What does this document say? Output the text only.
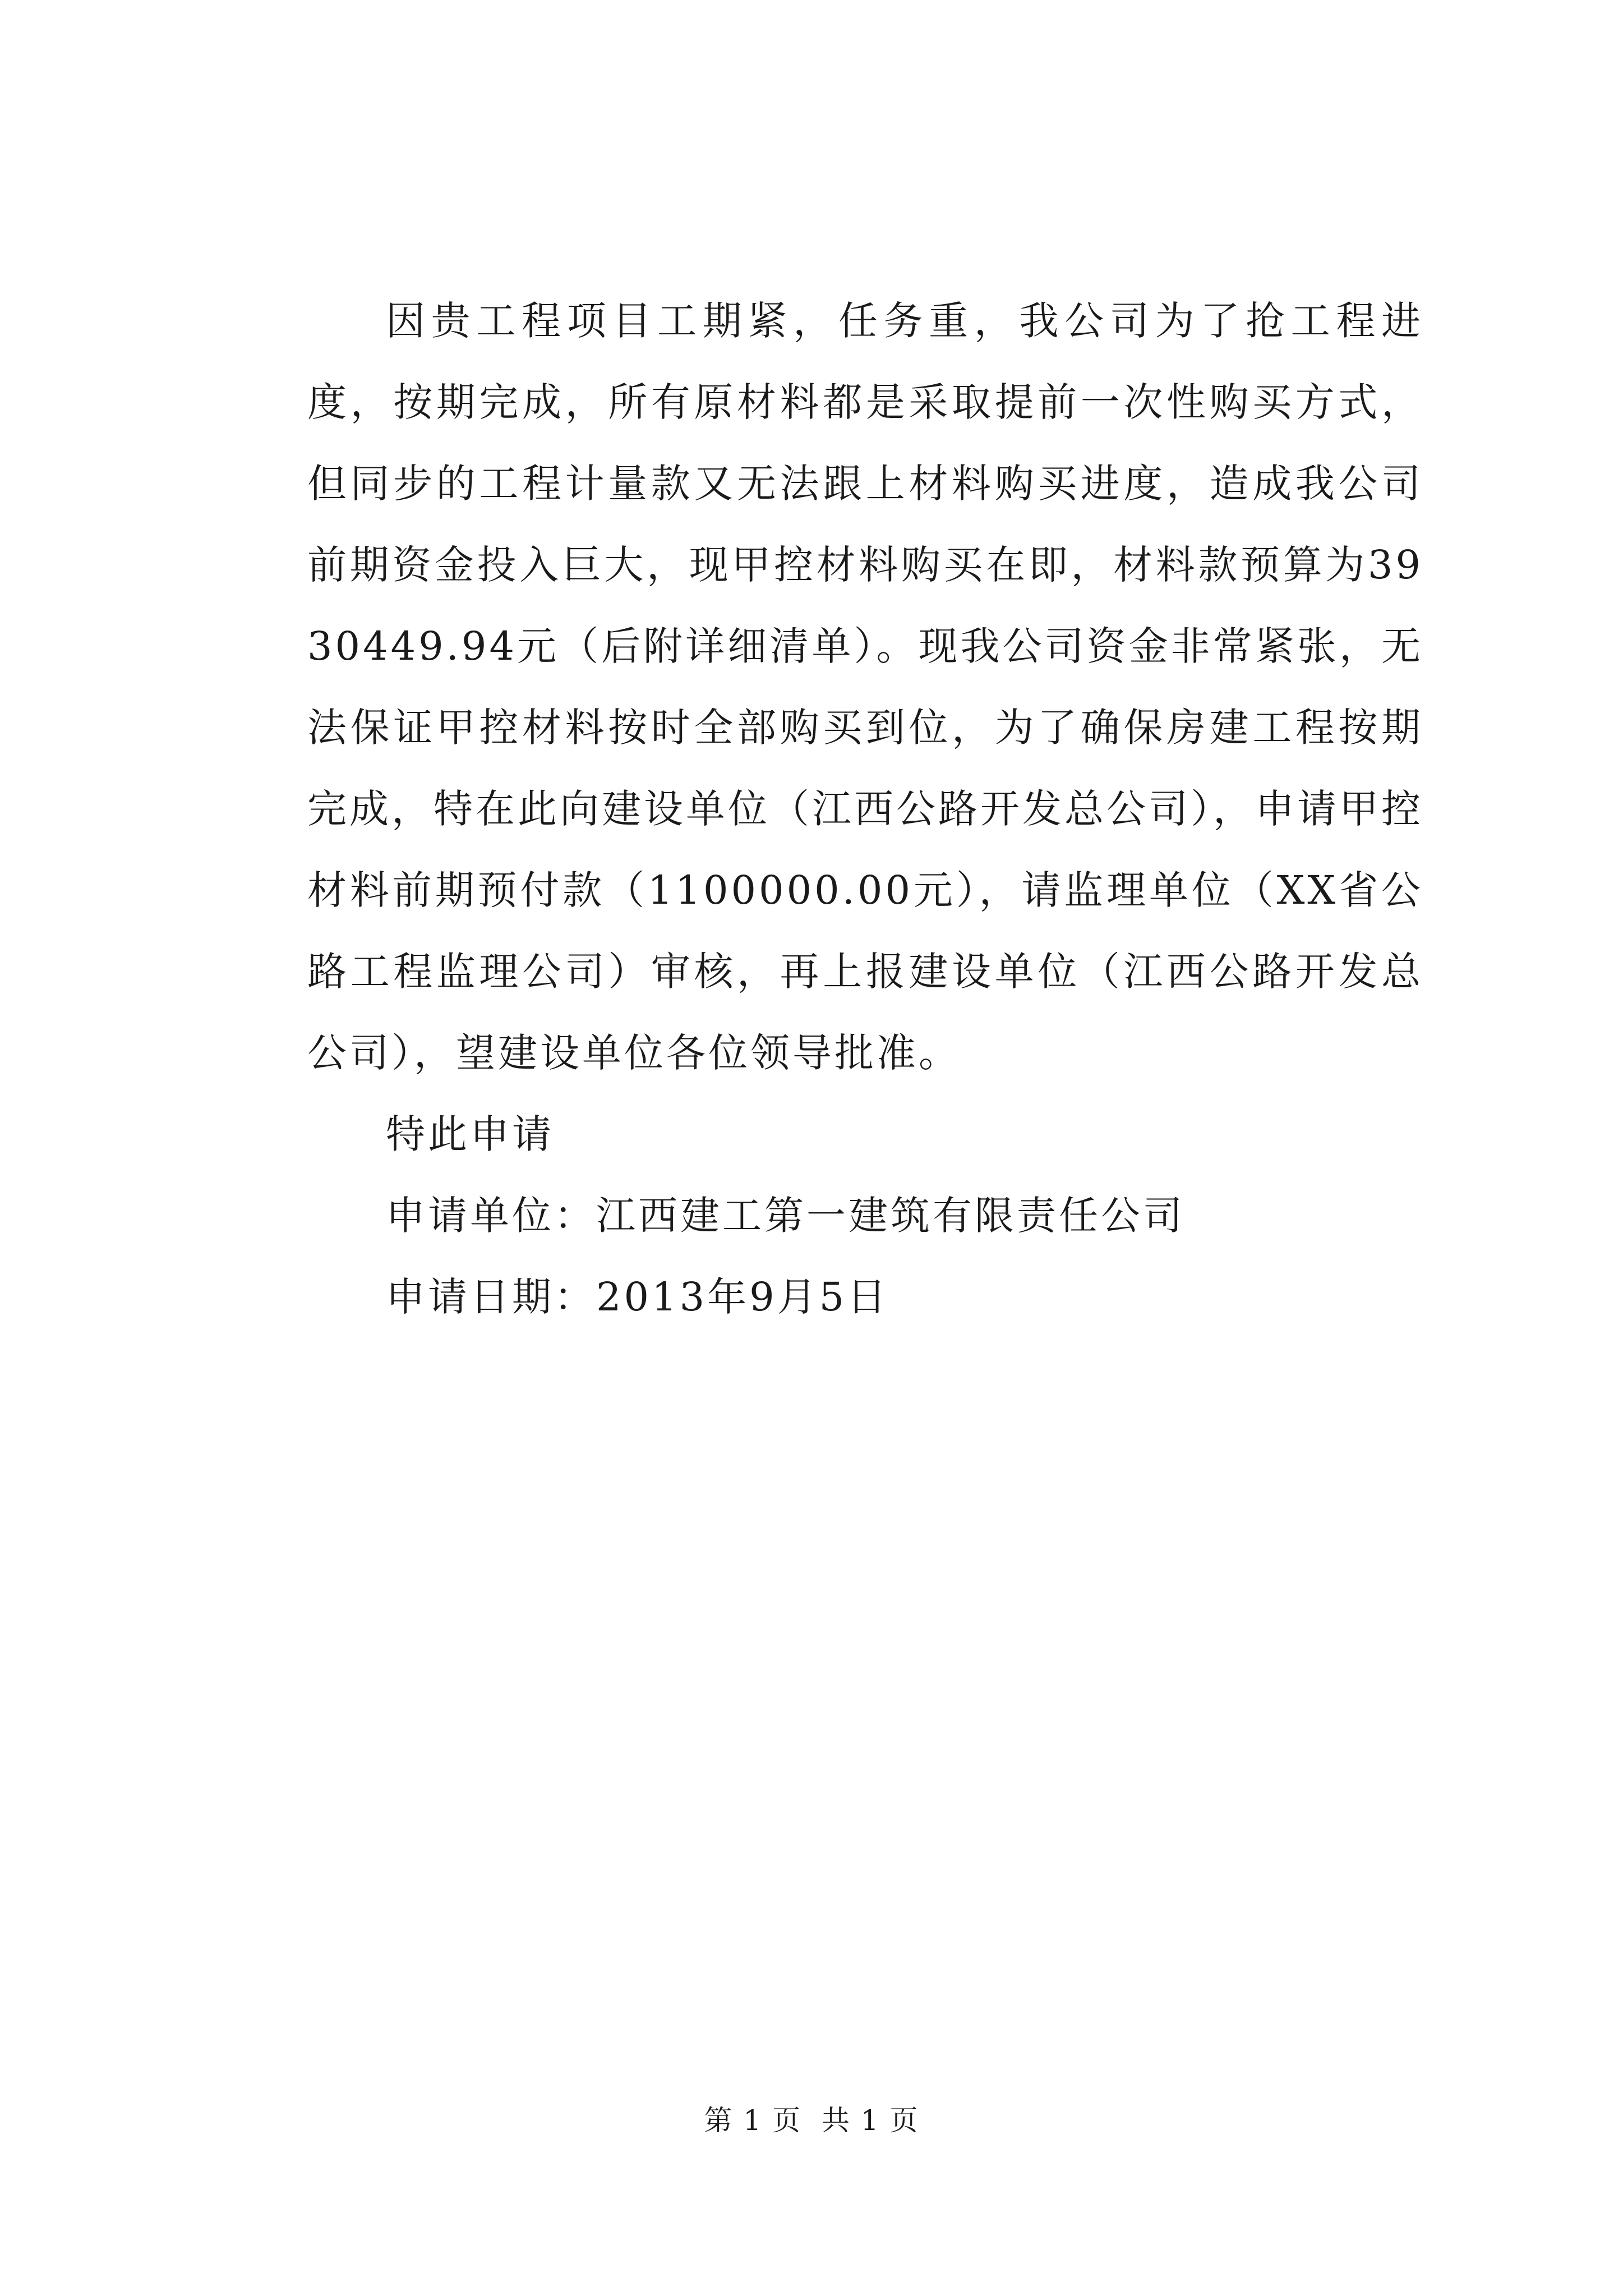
因贵工程项目工期紧，任务重，我公司为了抢工程进度，按期完成，所有原材料都是采取提前一次性购买方式，但同步的工程计量款又无法跟上材料购买进度，造成我公司前期资金投入巨大，现甲控材料购买在即，材料款预算为3930449.94元（后附详细清单）。现我公司资金非常紧张，无法保证甲控材料按时全部购买到位，为了确保房建工程按期完成，特在此向建设单位（江西公路开发总公司），申请甲控材料前期预付款（1100000.00元），请监理单位（XX省公路工程监理公司）审核，再上报建设单位（江西公路开发总公司），望建设单位各位领导批准。

特此申请

申请单位：江西建工第一建筑有限责任公司

申请日期：2013年9月5日

第 1 页  共 1 页
